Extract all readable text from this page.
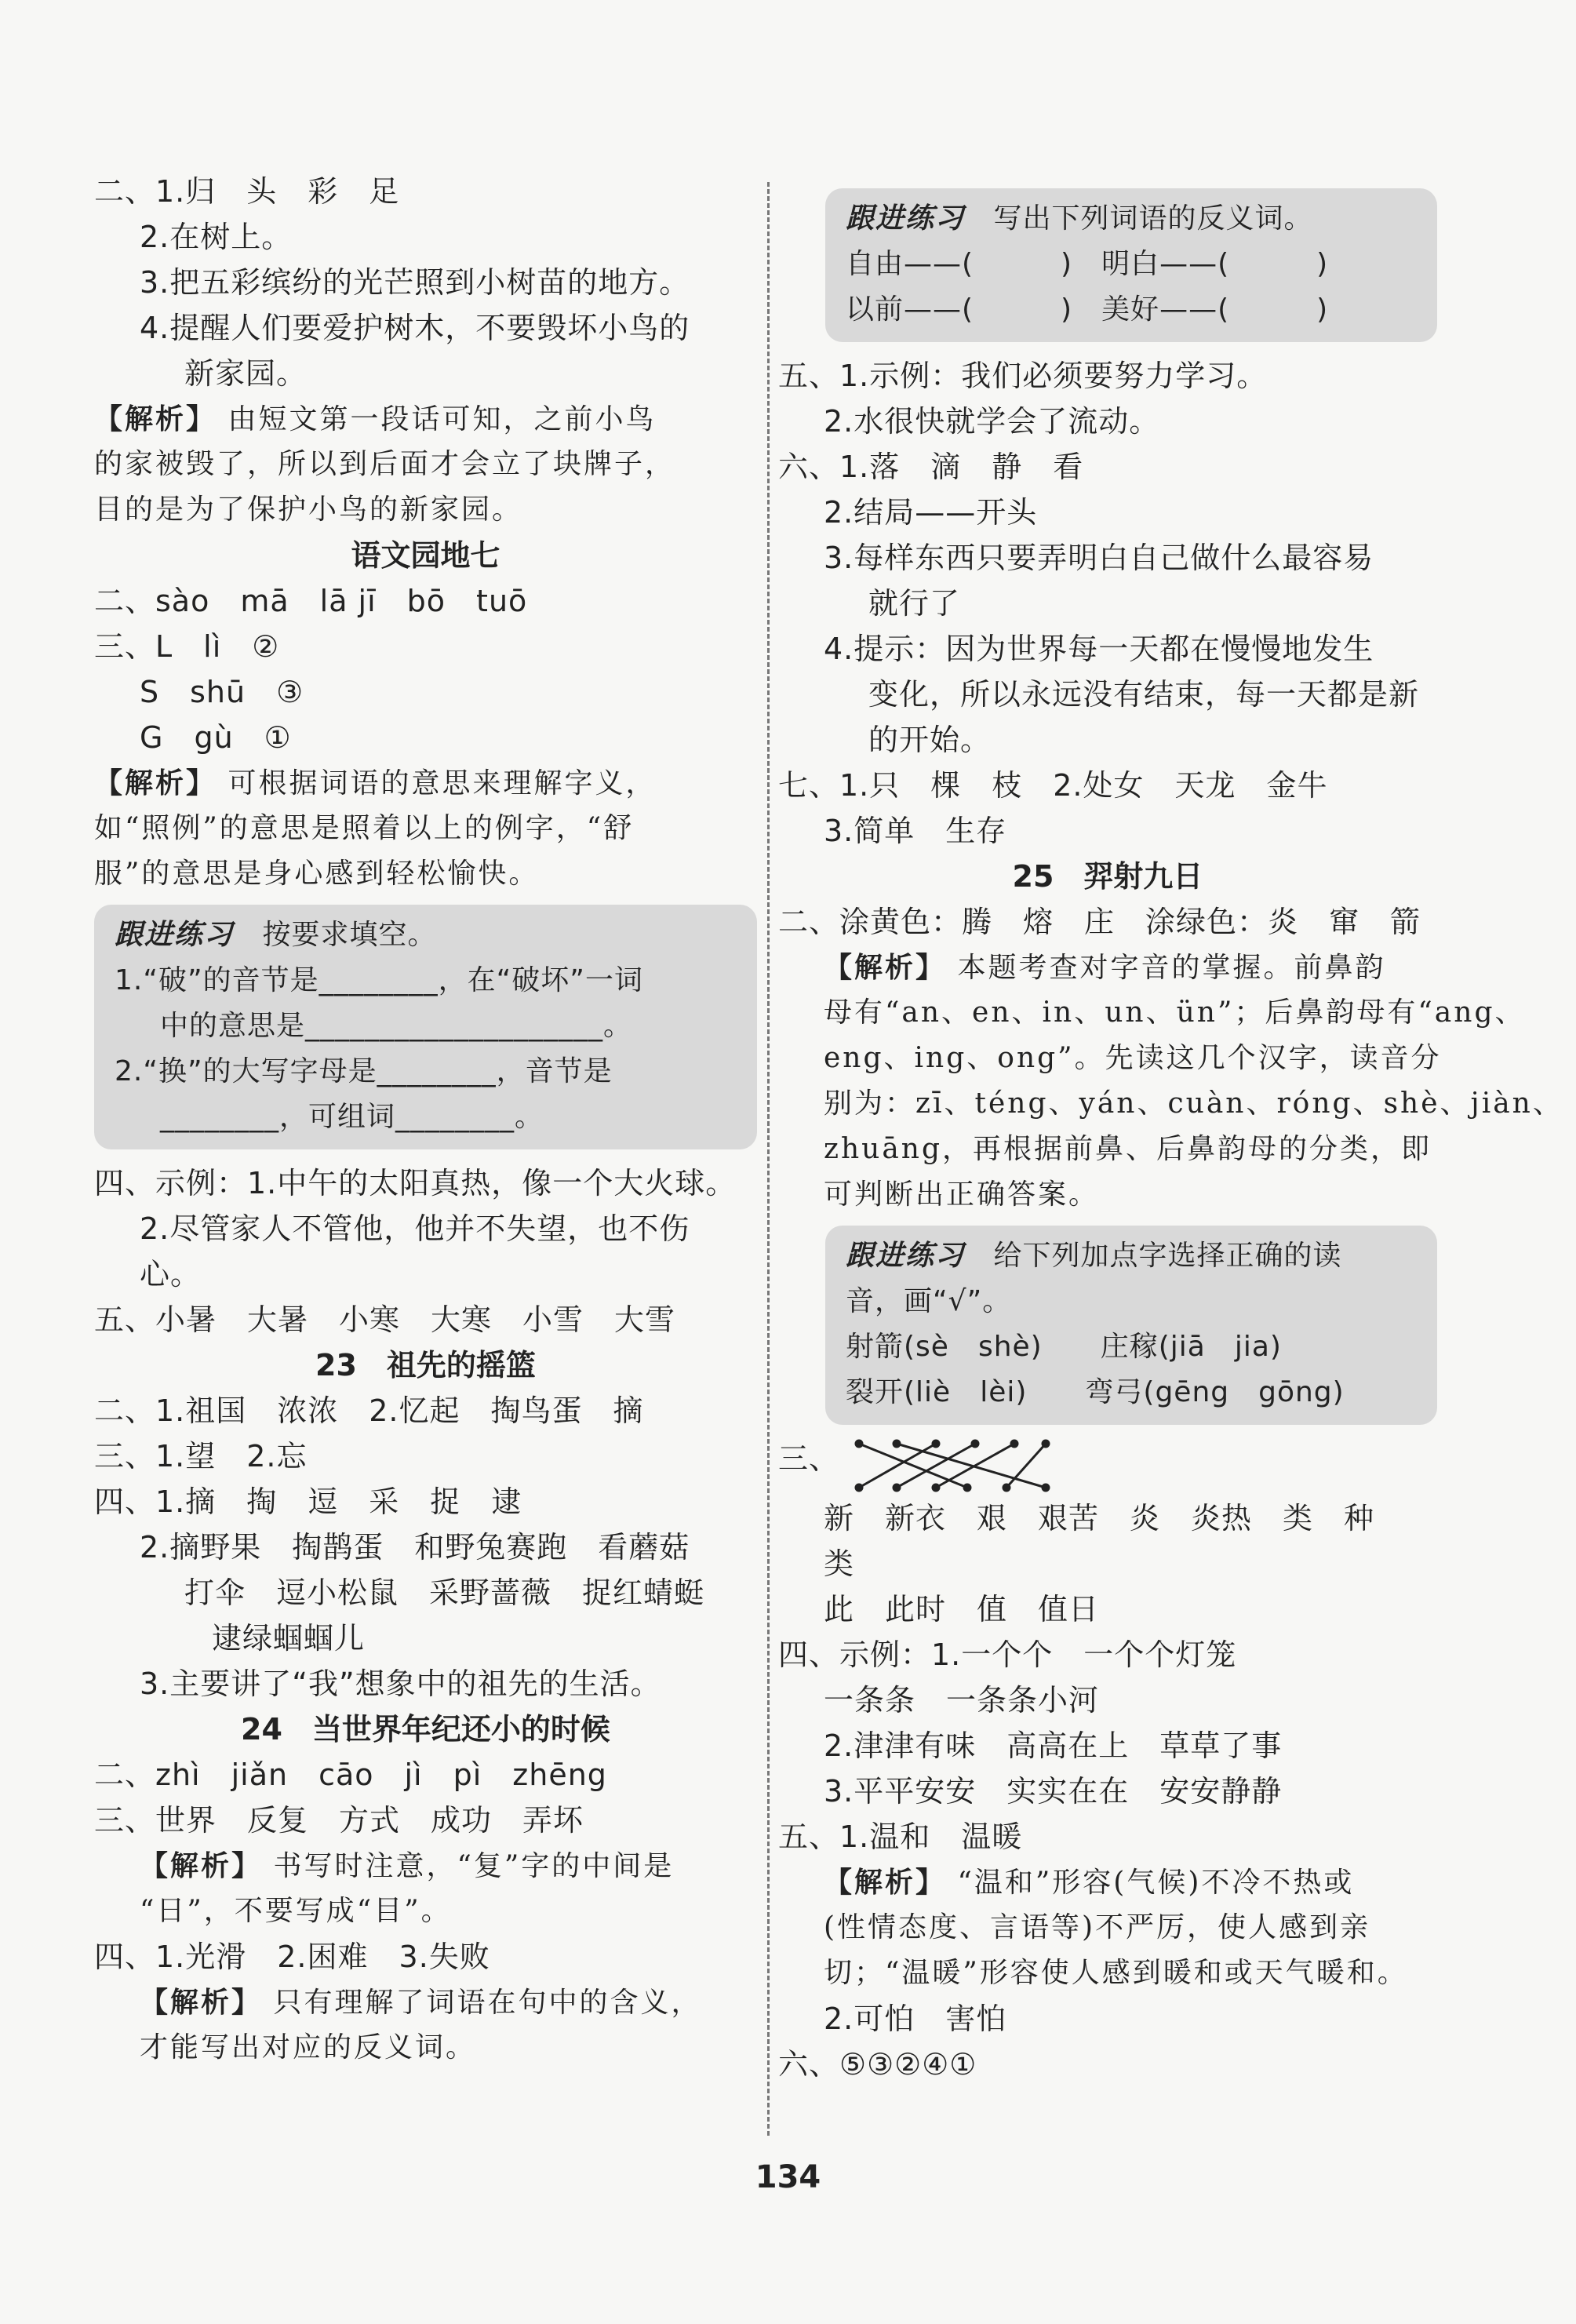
二、1.归　头　彩　足
2.在树上。
3.把五彩缤纷的光芒照到小树苗的地方。
4.提醒人们要爱护树木，不要毁坏小鸟的
新家园。
【解析】 由短文第一段话可知，之前小鸟
的家被毁了，所以到后面才会立了块牌子，
目的是为了保护小鸟的新家园。
语文园地七
二、sào　mā　lā jī　bō　tuō
三、L　lì　②
S　shū　③
G　gù　①
【解析】 可根据词语的意思来理解字义，
如“照例”的意思是照着以上的例字，“舒
服”的意思是身心感到轻松愉快。
跟进练习 按要求填空。
1.“破”的音节是________，在“破坏”一词
中的意思是____________________。
2.“换”的大写字母是________，音节是
________，可组词________。
四、示例：1.中午的太阳真热，像一个大火球。
2.尽管家人不管他，他并不失望，也不伤
心。
五、小暑　大暑　小寒　大寒　小雪　大雪
23　祖先的摇篮
二、1.祖国　浓浓　2.忆起　掏鸟蛋　摘
三、1.望　2.忘
四、1.摘　掏　逗　采　捉　逮
2.摘野果　掏鹊蛋　和野兔赛跑　看蘑菇
打伞　逗小松鼠　采野蔷薇　捉红蜻蜓
逮绿蝈蝈儿
3.主要讲了“我”想象中的祖先的生活。
24　当世界年纪还小的时候
二、zhì　jiǎn　cāo　jì　pì　zhēng
三、世界　反复　方式　成功　弄坏
【解析】 书写时注意，“复”字的中间是
“日”，不要写成“目”。
四、1.光滑　2.困难　3.失败
【解析】 只有理解了词语在句中的含义，
才能写出对应的反义词。
跟进练习 写出下列词语的反义词。
自由——(　　　)　明白——(　　　)
以前——(　　　)　美好——(　　　)
五、1.示例：我们必须要努力学习。
2.水很快就学会了流动。
六、1.落　滴　静　看
2.结局——开头
3.每样东西只要弄明白自己做什么最容易
就行了
4.提示：因为世界每一天都在慢慢地发生
变化，所以永远没有结束，每一天都是新
的开始。
七、1.只　棵　枝　2.处女　天龙　金牛
3.简单　生存
25　羿射九日
二、涂黄色：腾　熔　庄　涂绿色：炎　窜　箭
【解析】 本题考查对字音的掌握。前鼻韵
母有“an、en、in、un、ün”；后鼻韵母有“ang、
eng、ing、ong”。先读这几个汉字，读音分
别为：zī、téng、yán、cuàn、róng、shè、jiàn、
zhuāng，再根据前鼻、后鼻韵母的分类，即
可判断出正确答案。
跟进练习 给下列加点字选择正确的读
音，画“√”。
射箭(sè　shè)　　庄稼(jiā　jia)
裂开(liè　lèi)　　弯弓(gēng　gōng)
三、
新　新衣　艰　艰苦　炎　炎热　类　种
类
此　此时　值　值日
四、示例：1.一个个　一个个灯笼
一条条　一条条小河
2.津津有味　高高在上　草草了事
3.平平安安　实实在在　安安静静
五、1.温和　温暖
【解析】 “温和”形容(气候)不冷不热或
(性情态度、言语等)不严厉，使人感到亲
切；“温暖”形容使人感到暖和或天气暖和。
2.可怕　害怕
六、⑤③②④①
134
